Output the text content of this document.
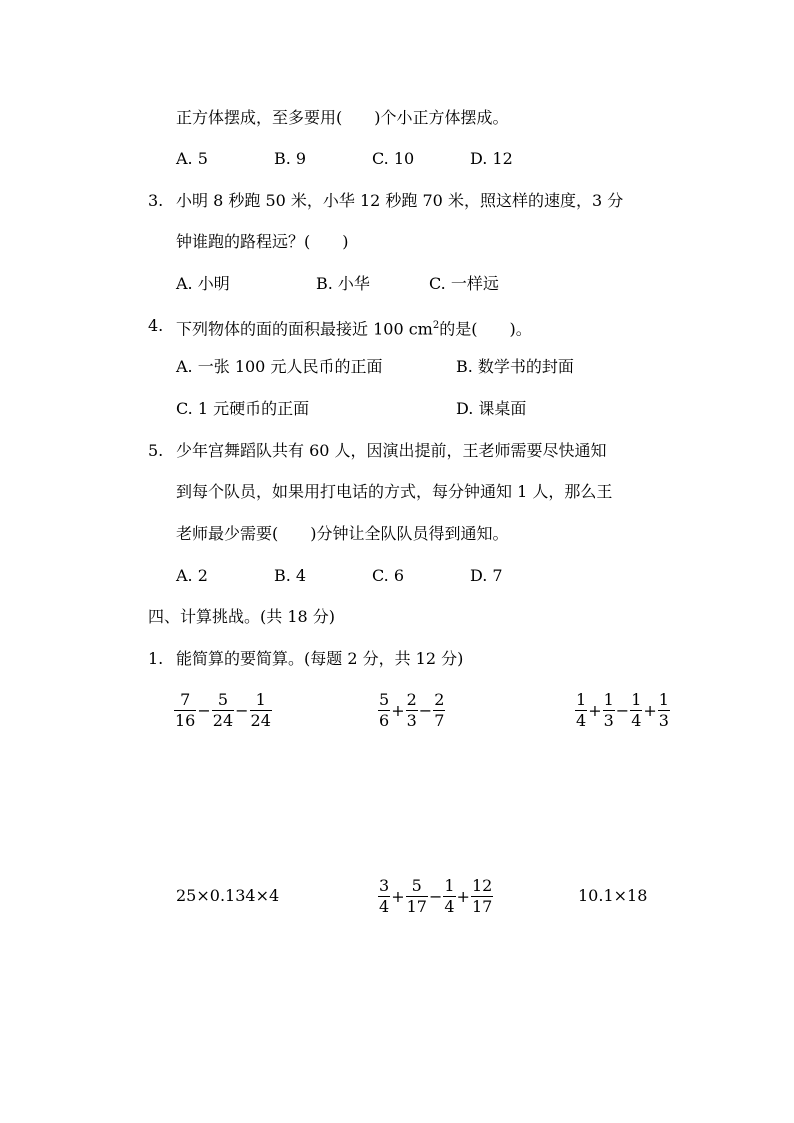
正方体摆成，至多要用(　　)个小正方体摆成。
A. 5	B. 9	C. 10	D. 12
3. 小明 8 秒跑 50 米，小华 12 秒跑 70 米，照这样的速度，3 分
钟谁跑的路程远？(　　)
A. 小明	B. 小华	C. 一样远
4. 下列物体的面的面积最接近 100 $cm^2$的是(　　)。
A. 一张 100 元人民币的正面	B. 数学书的封面
C. 1 元硬币的正面	D. 课桌面
5. 少年宫舞蹈队共有 60 人，因演出提前，王老师需要尽快通知
到每个队员，如果用打电话的方式，每分钟通知 1 人，那么王
老师最少需要(　　)分钟让全队队员得到通知。
A. 2	B. 4	C. 6	D. 7
四、计算挑战。(共 18 分)
1. 能简算的要简算。(每题 2 分，共 12 分)
$\frac{7}{16} - \frac{5}{24} - \frac{1}{24}$	$\frac{5}{6} + \frac{2}{3} - \frac{2}{7}$	$\frac{1}{4} + \frac{1}{3} - \frac{1}{4} + \frac{1}{3}$
25×0.134×4	$\frac{3}{4} + \frac{5}{17} - \frac{1}{4} + \frac{12}{17}$	10.1×18
